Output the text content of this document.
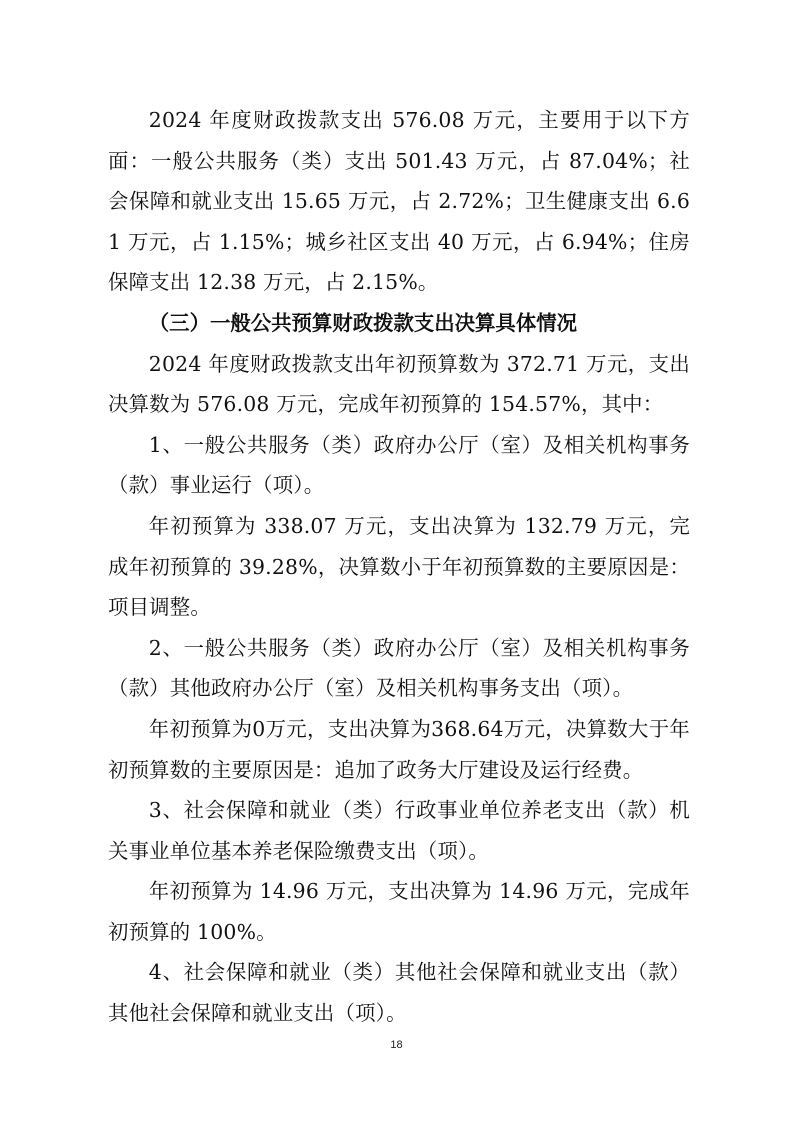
2024 年度财政拨款支出 576.08 万元，主要用于以下方面：一般公共服务（类）支出 501.43 万元，占 87.04%；社会保障和就业支出 15.65 万元，占 2.72%；卫生健康支出 6.61 万元，占 1.15%；城乡社区支出 40 万元，占 6.94%；住房保障支出 12.38 万元，占 2.15%。

（三）一般公共预算财政拨款支出决算具体情况

2024 年度财政拨款支出年初预算数为 372.71 万元，支出决算数为 576.08 万元，完成年初预算的 154.57%，其中：

1、一般公共服务（类）政府办公厅（室）及相关机构事务（款）事业运行（项）。

年初预算为 338.07 万元，支出决算为 132.79 万元，完成年初预算的 39.28%，决算数小于年初预算数的主要原因是：项目调整。

2、一般公共服务（类）政府办公厅（室）及相关机构事务（款）其他政府办公厅（室）及相关机构事务支出（项）。

年初预算为0万元，支出决算为368.64万元，决算数大于年初预算数的主要原因是：追加了政务大厅建设及运行经费。

3、社会保障和就业（类）行政事业单位养老支出（款）机关事业单位基本养老保险缴费支出（项）。

年初预算为 14.96 万元，支出决算为 14.96 万元，完成年初预算的 100%。

4、社会保障和就业（类）其他社会保障和就业支出（款）其他社会保障和就业支出（项）。

18
